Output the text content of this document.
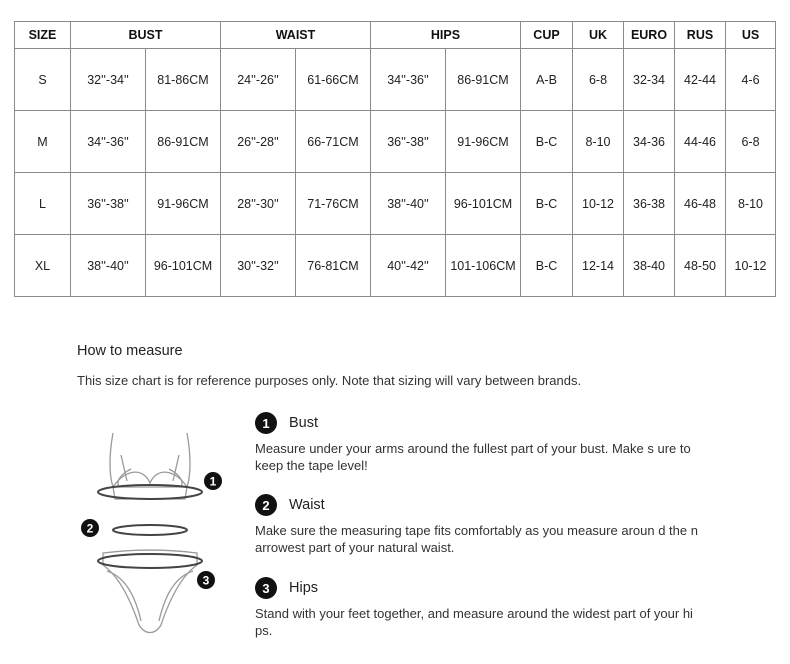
SIZE	BUST		WAIST		HIPS		CUP	UK	EURO	RUS	US
S	32''-34''	81-86CM	24''-26''	61-66CM	34''-36''	86-91CM	A-B	6-8	32-34	42-44	4-6
M	34''-36''	86-91CM	26''-28''	66-71CM	36''-38''	91-96CM	B-C	8-10	34-36	44-46	6-8
L	36''-38''	91-96CM	28''-30''	71-76CM	38''-40''	96-101CM	B-C	10-12	36-38	46-48	8-10
XL	38''-40''	96-101CM	30''-32''	76-81CM	40''-42''	101-106CM	B-C	12-14	38-40	48-50	10-12
How to measure
This size chart is for reference purposes only. Note that sizing will vary between brands.
1
2
3
1	Bust
Measure under your arms around the fullest part of your bust. Make s ure to keep the tape level!
2	Waist
Make sure the measuring tape fits comfortably as you measure aroun d the narrowest part of your natural waist.
3	Hips
Stand with your feet together, and measure around the widest part of your hips.
